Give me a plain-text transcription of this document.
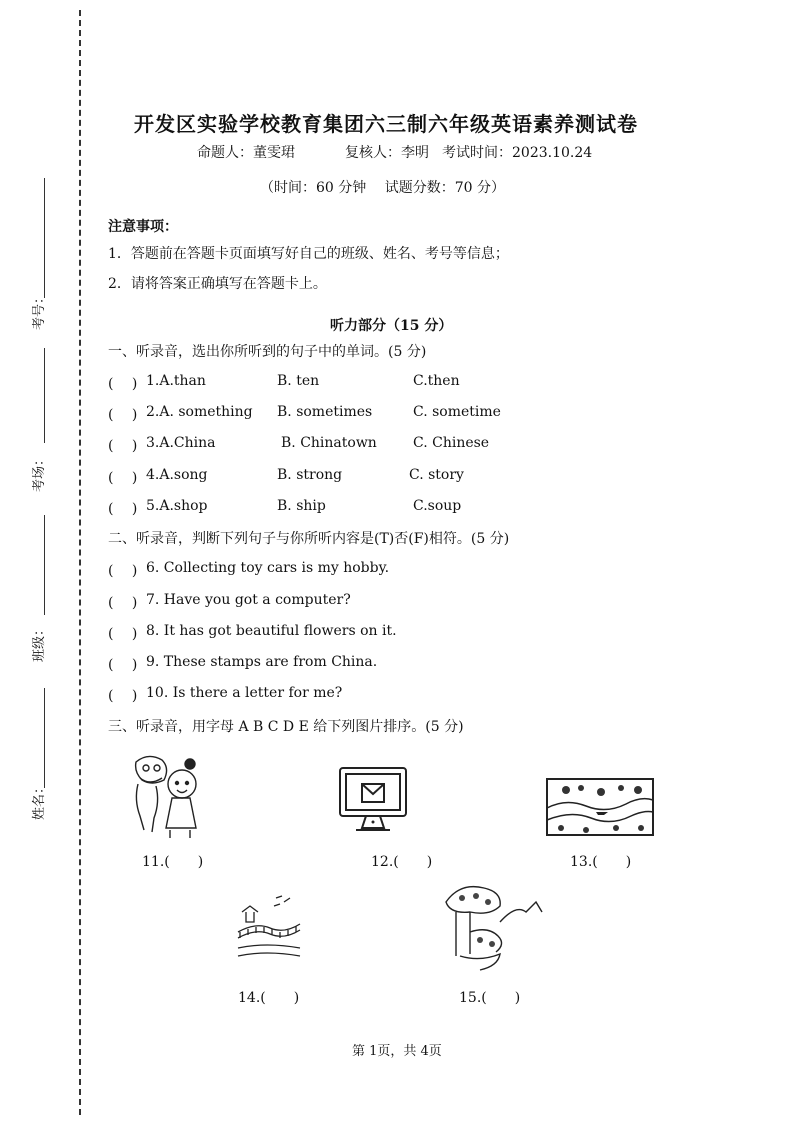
考号：
考场：
班级：
姓名：
开发区实验学校教育集团六三制六年级英语素养测试卷
命题人：董雯珺	复核人：李明 考试时间：2023.10.24
（时间：60 分钟　 试题分数：70 分）
注意事项：
1．答题前在答题卡页面填写好自己的班级、姓名、考号等信息；
2．请将答案正确填写在答题卡上。
听力部分（15 分）
一、听录音，选出你所听到的句子中的单词。(5 分)
(　 ) 1.A.than	B. ten	C.then
(　 ) 2.A. something B. sometimes	C. sometime
(　 ) 3.A.China	B. Chinatown	C. Chinese
(　 ) 4.A.song	B. strong	C. story
(　 ) 5.A.shop	B. ship	C.soup
二、听录音，判断下列句子与你所听内容是(T)否(F)相符。(5 分)
(　 ) 6. Collecting toy cars is my hobby.
(　 ) 7. Have you got a computer?
(　 ) 8. It has got beautiful flowers on it.
(　 ) 9. These stamps are from China.
(　 ) 10. Is there a letter for me?
三、听录音，用字母 A B C D E 给下列图片排序。(5 分)
11.(　　)	12.(　　)	13.(　　)
14.(　　)	15.(　　)
第 1页，共 4页
